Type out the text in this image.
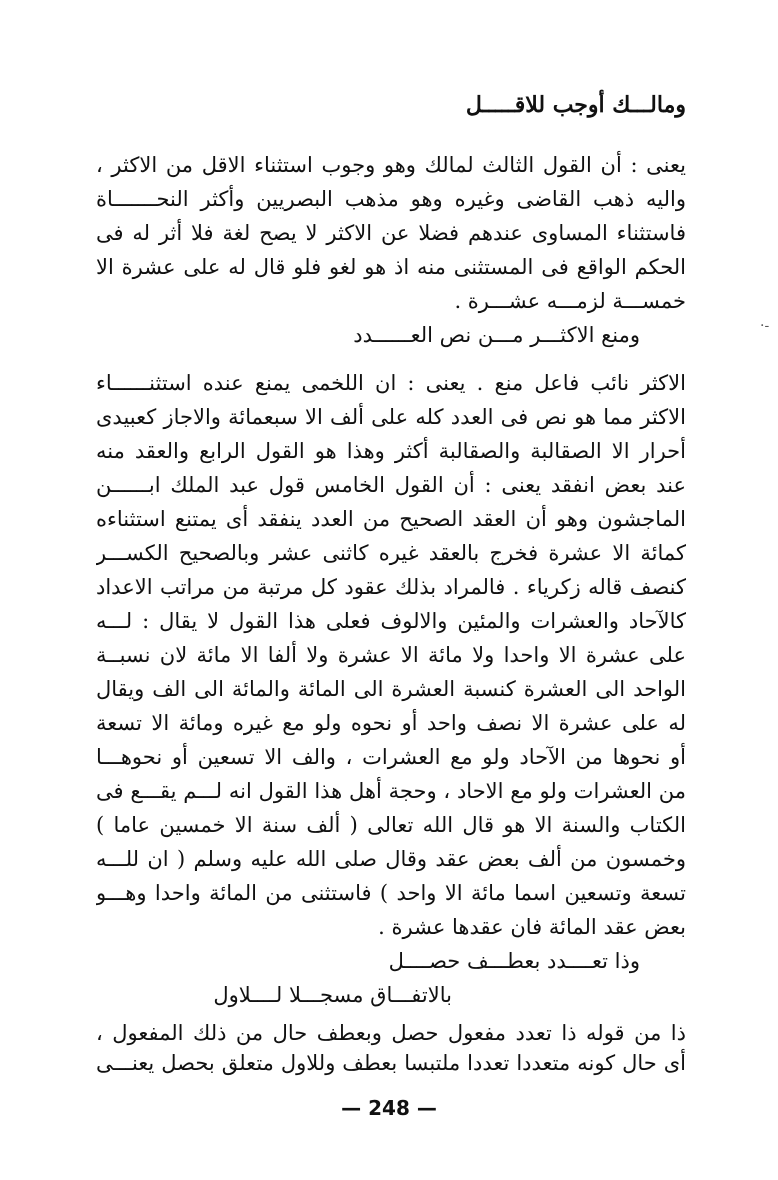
ومالـــك أوجب للاقـــــل
يعنى : أن القول الثالث لمالك وهو وجوب استثناء الاقل من الاكثر ،
واليه ذهب القاضى وغيره وهو مذهب البصريين وأكثر النحـــــــاة
فاستثناء المساوى عندهم فضلا عن الاكثر لا يصح لغة فلا أثر له فى
الحكم الواقع فى المستثنى منه اذ هو لغو فلو قال له على عشرة الا
خمســـة لزمـــه عشـــرة .
ومنع الاكثـــر مـــن نص العــــــدد	·-
الاكثر نائب فاعل منع . يعنى : ان اللخمى يمنع عنده استثنــــــاء
الاكثر مما هو نص فى العدد كله على ألف الا سبعمائة والاجاز كعبيدى
أحرار الا الصقالبة والصقالبة أكثر وهذا هو القول الرابع والعقد منه
عند بعض انفقد يعنى : أن القول الخامس قول عبد الملك ابــــــن
الماجشون وهو أن العقد الصحيح من العدد ينفقد أى يمتنع استثناءه
كمائة الا عشرة فخرج بالعقد غيره كاثنى عشر وبالصحيح الكســـر
كنصف قاله زكرياء . فالمراد بذلك عقود كل مرتبة من مراتب الاعداد
كالآحاد والعشرات والمئين والالوف فعلى هذا القول لا يقال : لـــه
على عشرة الا واحدا ولا مائة الا عشرة ولا ألفا الا مائة لان نسبــة
الواحد الى العشرة كنسبة العشرة الى المائة والمائة الى الف ويقال
له على عشرة الا نصف واحد أو نحوه ولو مع غيره ومائة الا تسعة
أو نحوها من الآحاد ولو مع العشرات ، والف الا تسعين أو نحوهـــا
من العشرات ولو مع الاحاد ، وحجة أهل هذا القول انه لـــم يقـــع فى
الكتاب والسنة الا هو قال الله تعالى ( ألف سنة الا خمسين عاما )
وخمسون من ألف بعض عقد وقال صلى الله عليه وسلم ( ان للـــه
تسعة وتسعين اسما مائة الا واحد ) فاستثنى من المائة واحدا وهـــو
بعض عقد المائة فان عقدها عشرة .
وذا تعــــدد بعطـــف حصــــل
بالاتفـــاق مسجـــلا لــــلاول
ذا من قوله ذا تعدد مفعول حصل وبعطف حال من ذلك المفعول ،
أى حال كونه متعددا تعددا ملتبسا بعطف وللاول متعلق بحصل يعنـــى
— 248 —
